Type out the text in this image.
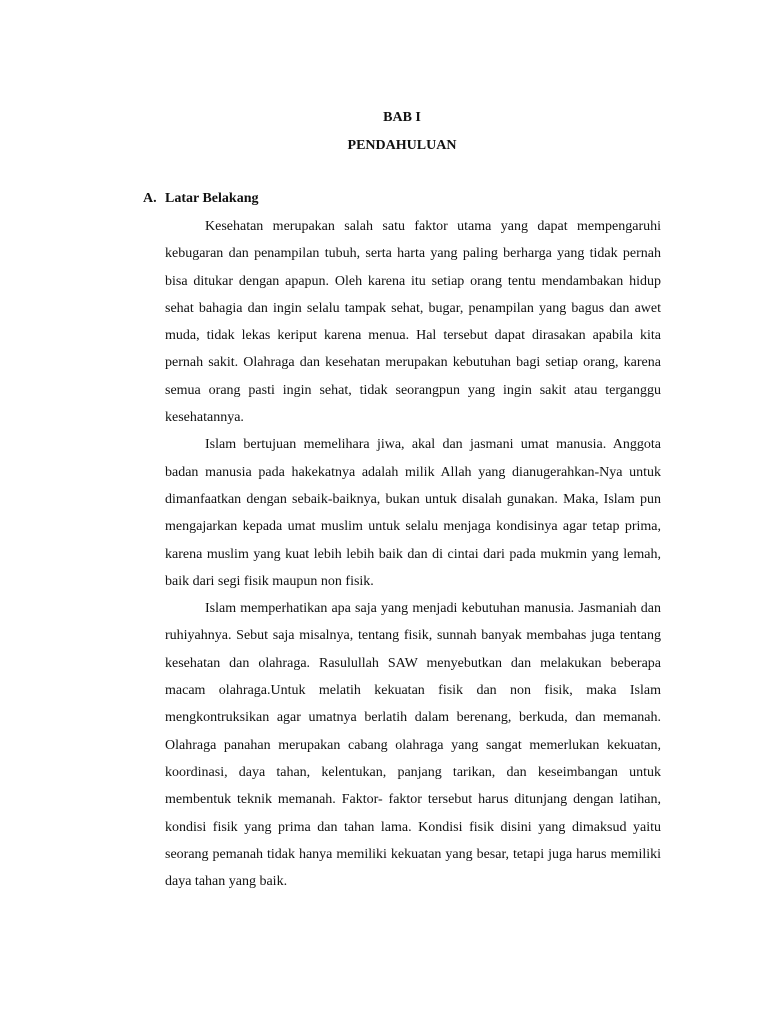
BAB I
PENDAHULUAN
A. Latar Belakang

Kesehatan merupakan salah satu faktor utama yang dapat mempengaruhi kebugaran dan penampilan tubuh, serta harta yang paling berharga yang tidak pernah bisa ditukar dengan apapun. Oleh karena itu setiap orang tentu mendambakan hidup sehat bahagia dan ingin selalu tampak sehat, bugar, penampilan yang bagus dan awet muda, tidak lekas keriput karena menua. Hal tersebut dapat dirasakan apabila kita pernah sakit. Olahraga dan kesehatan merupakan kebutuhan bagi setiap orang, karena semua orang pasti ingin sehat, tidak seorangpun yang ingin sakit atau terganggu kesehatannya.

Islam bertujuan memelihara jiwa, akal dan jasmani umat manusia. Anggota badan manusia pada hakekatnya adalah milik Allah yang dianugerahkan-Nya untuk dimanfaatkan dengan sebaik-baiknya, bukan untuk disalah gunakan. Maka, Islam pun mengajarkan kepada umat muslim untuk selalu menjaga kondisinya agar tetap prima, karena muslim yang kuat lebih lebih baik dan di cintai dari pada mukmin yang lemah, baik dari segi fisik maupun non fisik.

Islam memperhatikan apa saja yang menjadi kebutuhan manusia. Jasmaniah dan ruhiyahnya. Sebut saja misalnya, tentang fisik, sunnah banyak membahas juga tentang kesehatan dan olahraga. Rasulullah SAW menyebutkan dan melakukan beberapa macam olahraga.Untuk melatih kekuatan fisik dan non fisik, maka Islam mengkontruksikan agar umatnya berlatih dalam berenang, berkuda, dan memanah. Olahraga panahan merupakan cabang olahraga yang sangat memerlukan kekuatan, koordinasi, daya tahan, kelentukan, panjang tarikan, dan keseimbangan untuk membentuk teknik memanah. Faktor- faktor tersebut harus ditunjang dengan latihan, kondisi fisik yang prima dan tahan lama. Kondisi fisik disini yang dimaksud yaitu seorang pemanah tidak hanya memiliki kekuatan yang besar, tetapi juga harus memiliki daya tahan yang baik.
